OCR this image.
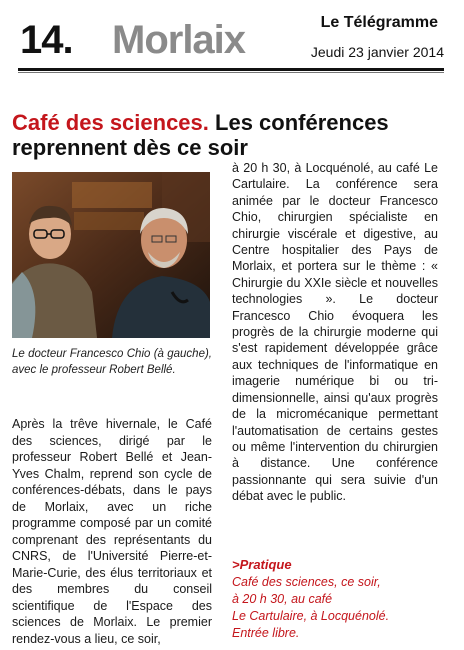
14. Morlaix	Le Télégramme
Jeudi 23 janvier 2014
Café des sciences. Les conférences reprennent dès ce soir
Le docteur Francesco Chio (à gauche), avec le professeur Robert Bellé.

Après la trêve hivernale, le Café des sciences, dirigé par le professeur Robert Bellé et Jean-Yves Chalm, reprend son cycle de conférences-débats, dans le pays de Morlaix, avec un riche programme composé par un comité comprenant des représentants du CNRS, de l'Université Pierre-et-Marie-Curie, des élus territoriaux et des membres du conseil scientifique de l'Espace des sciences de Morlaix. Le premier rendez-vous a lieu, ce soir,

à 20 h 30, à Locquénolé, au café Le Cartulaire. La conférence sera animée par le docteur Francesco Chio, chirurgien spécialiste en chirurgie viscérale et digestive, au Centre hospitalier des Pays de Morlaix, et portera sur le thème : « Chirurgie du XXIe siècle et nouvelles technologies ». Le docteur Francesco Chio évoquera les progrès de la chirurgie moderne qui s'est rapidement développée grâce aux techniques de l'informatique en imagerie numérique bi ou tri-dimensionnelle, ainsi qu'aux progrès de la micromécanique permettant l'automatisation de certains gestes ou même l'intervention du chirurgien à distance. Une conférence passionnante qui sera suivie d'un débat avec le public.

>Pratique

Café des sciences, ce soir,

à 20 h 30, au café

Le Cartulaire, à Locquénolé.

Entrée libre.
